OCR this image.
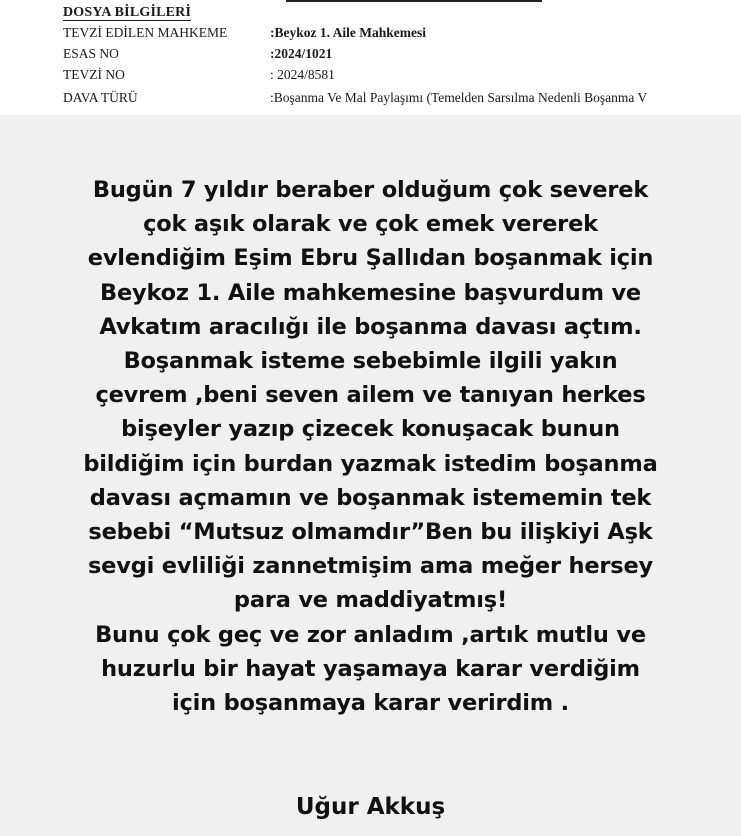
DOSYA BİLGİLERİ
TEVZİ EDİLEN MAHKEME	:Beykoz 1. Aile Mahkemesi
ESAS NO	:2024/1021
TEVZİ NO	: 2024/8581
DAVA TÜRÜ	:Boşanma Ve Mal Paylaşımı (Temelden Sarsılma Nedenli Boşanma V
Bugün 7 yıldır beraber olduğum çok severek
çok aşık olarak ve çok emek vererek
evlendiğim Eşim Ebru Şallıdan boşanmak için
Beykoz 1. Aile mahkemesine başvurdum ve
Avkatım aracılığı ile boşanma davası açtım.
Boşanmak isteme sebebimle ilgili yakın
çevrem ,beni seven ailem ve tanıyan herkes
bişeyler yazıp çizecek konuşacak bunun
bildiğim için burdan yazmak istedim boşanma
davası açmamın ve boşanmak istememin tek
sebebi “Mutsuz olmamdır”Ben bu ilişkiyi Aşk
sevgi evliliği zannetmişim ama meğer hersey
para ve maddiyatmış!
Bunu çok geç ve zor anladım ,artık mutlu ve
huzurlu bir hayat yaşamaya karar verdiğim
için boşanmaya karar verirdim .
Uğur Akkuş
